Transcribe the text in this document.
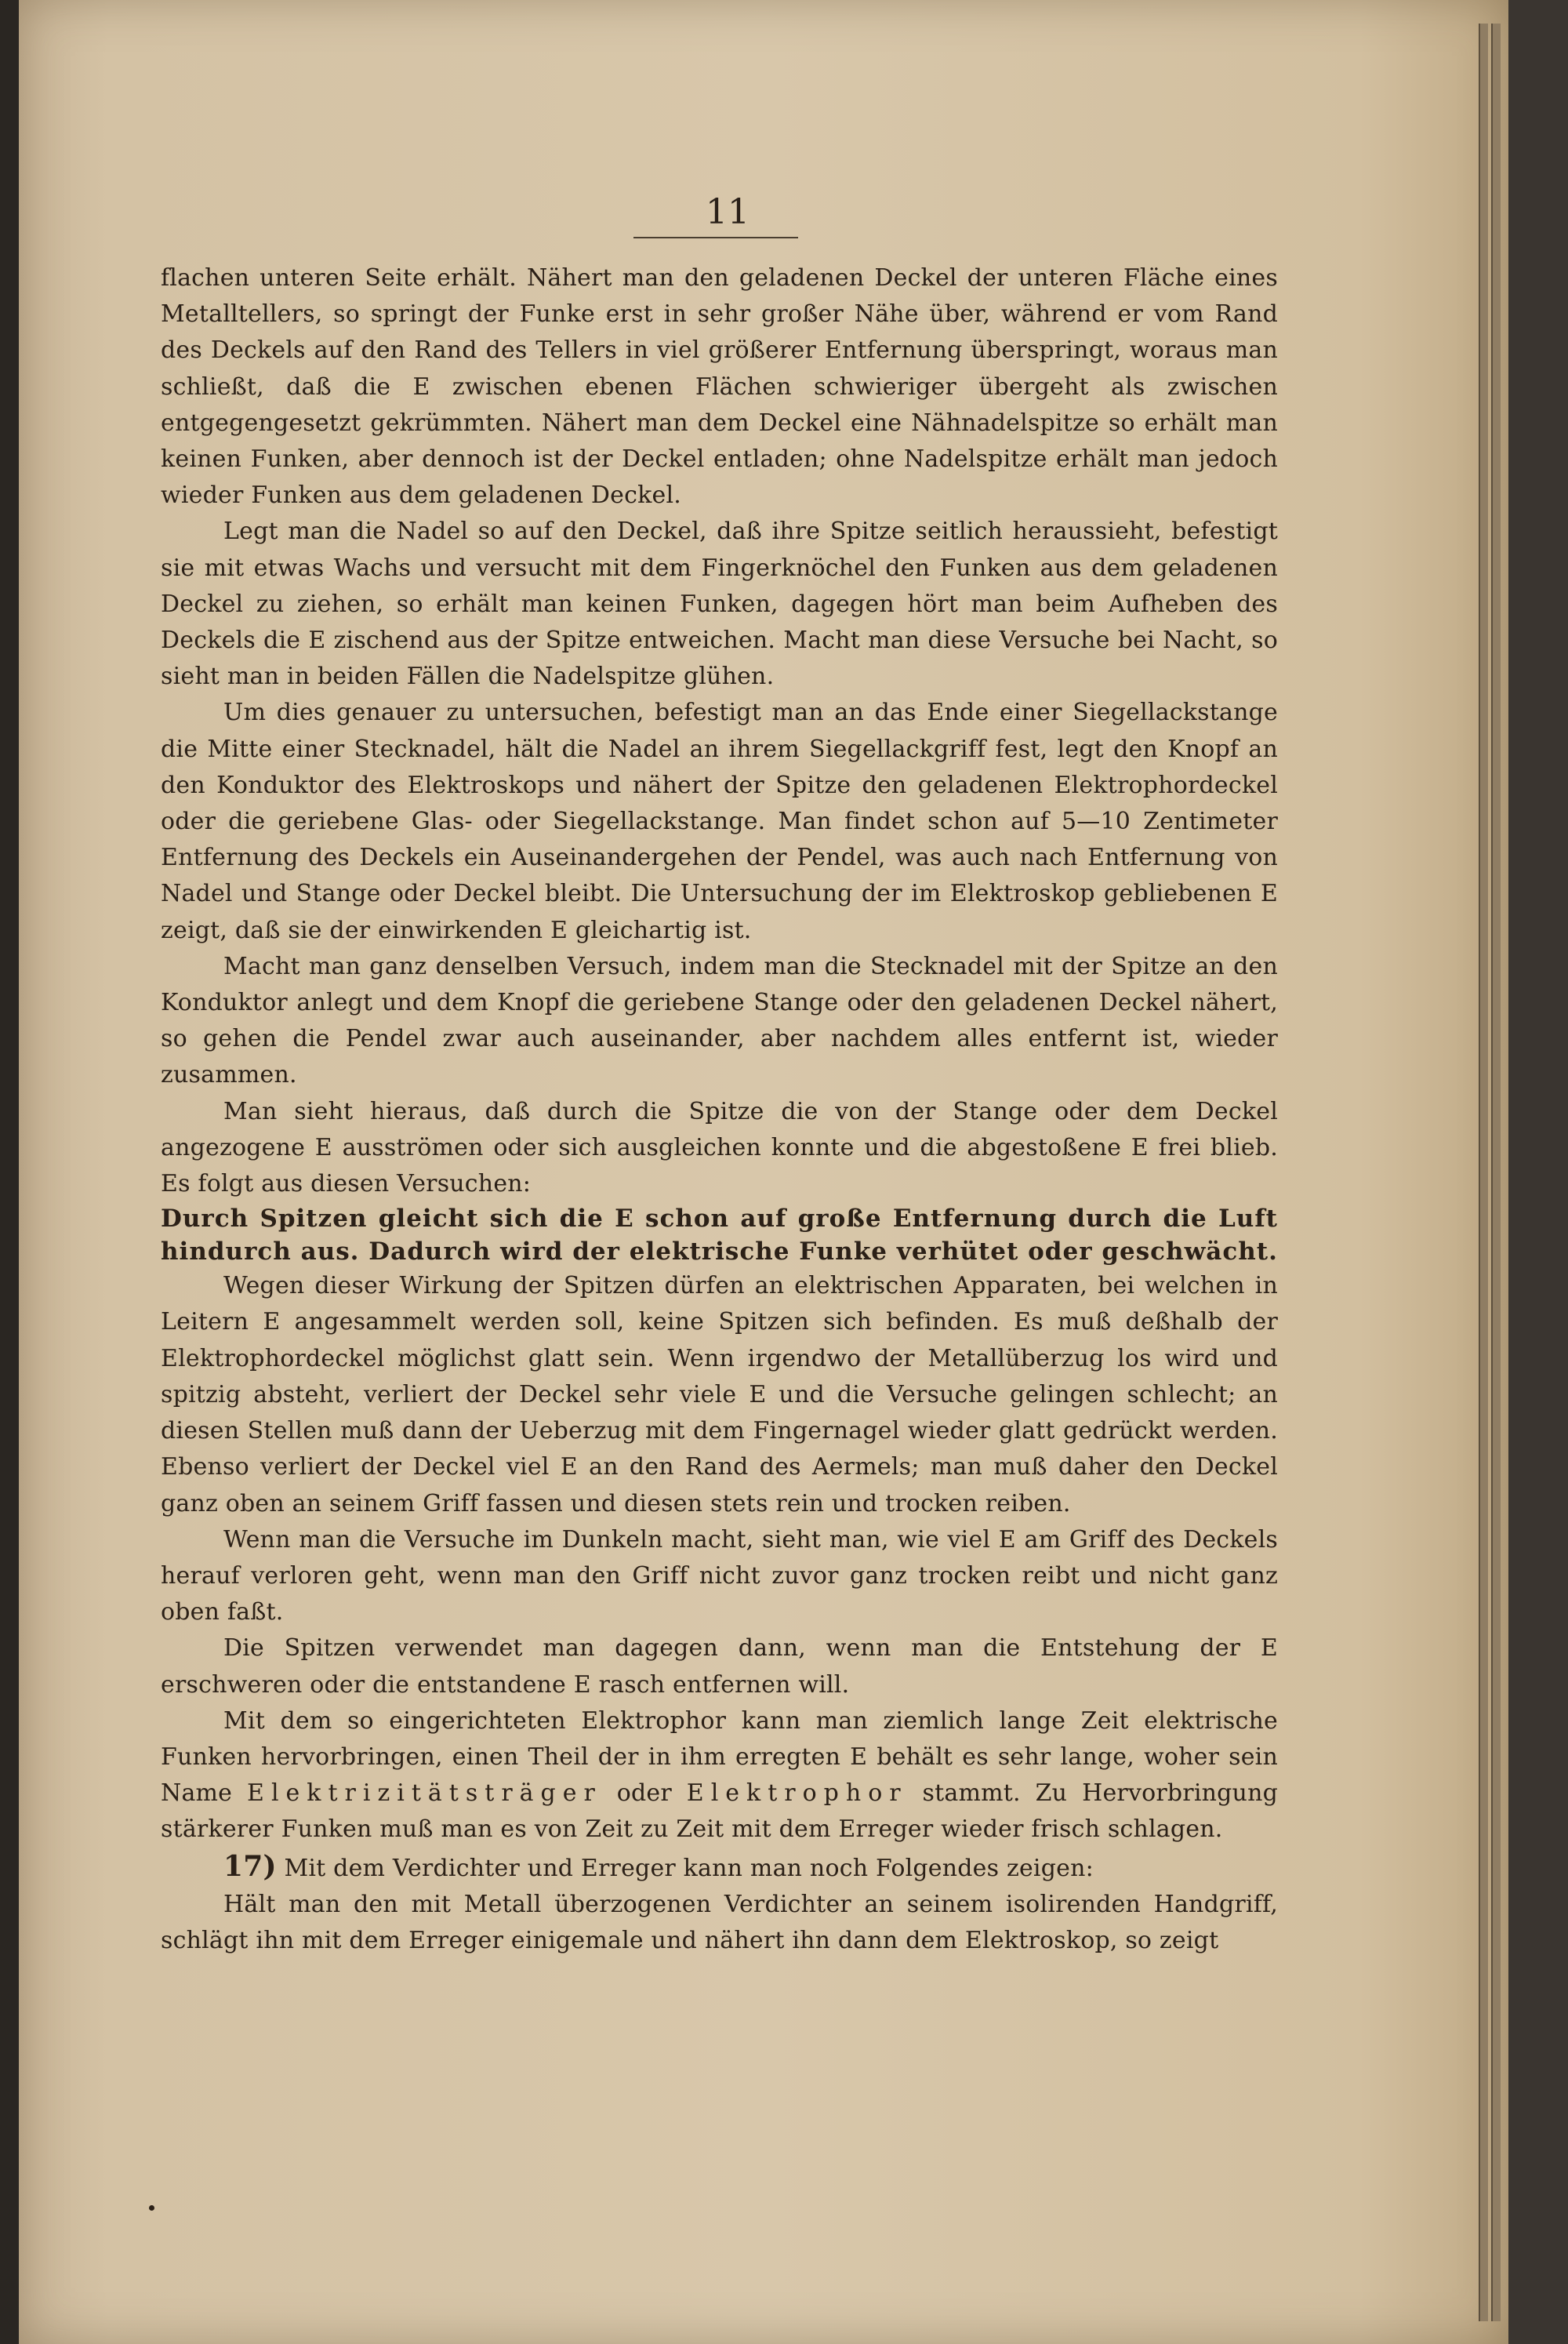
11

flachen unteren Seite erhält. Nähert man den geladenen Deckel der unteren Fläche eines Metalltellers, so springt der Funke erst in sehr großer Nähe über, während er vom Rand des Deckels auf den Rand des Tellers in viel größerer Entfernung überspringt, woraus man schließt, daß die E zwischen ebenen Flächen schwieriger übergeht als zwischen entgegengesetzt gekrümmten. Nähert man dem Deckel eine Nähnadelspitze so erhält man keinen Funken, aber dennoch ist der Deckel entladen; ohne Nadelspitze erhält man jedoch wieder Funken aus dem geladenen Deckel.

Legt man die Nadel so auf den Deckel, daß ihre Spitze seitlich heraussieht, befestigt sie mit etwas Wachs und versucht mit dem Fingerknöchel den Funken aus dem geladenen Deckel zu ziehen, so erhält man keinen Funken, dagegen hört man beim Aufheben des Deckels die E zischend aus der Spitze entweichen. Macht man diese Versuche bei Nacht, so sieht man in beiden Fällen die Nadelspitze glühen.

Um dies genauer zu untersuchen, befestigt man an das Ende einer Siegellackstange die Mitte einer Stecknadel, hält die Nadel an ihrem Siegellackgriff fest, legt den Knopf an den Konduktor des Elektroskops und nähert der Spitze den geladenen Elektrophordeckel oder die geriebene Glas- oder Siegellackstange. Man findet schon auf 5—10 Zentimeter Entfernung des Deckels ein Auseinandergehen der Pendel, was auch nach Entfernung von Nadel und Stange oder Deckel bleibt. Die Untersuchung der im Elektroskop gebliebenen E zeigt, daß sie der einwirkenden E gleichartig ist.

Macht man ganz denselben Versuch, indem man die Stecknadel mit der Spitze an den Konduktor anlegt und dem Knopf die geriebene Stange oder den geladenen Deckel nähert, so gehen die Pendel zwar auch auseinander, aber nachdem alles entfernt ist, wieder zusammen.

Man sieht hieraus, daß durch die Spitze die von der Stange oder dem Deckel angezogene E ausströmen oder sich ausgleichen konnte und die abgestoßene E frei blieb. Es folgt aus diesen Versuchen:

Durch Spitzen gleicht sich die E schon auf große Entfernung durch die Luft hindurch aus. Dadurch wird der elektrische Funke verhütet oder geschwächt.

Wegen dieser Wirkung der Spitzen dürfen an elektrischen Apparaten, bei welchen in Leitern E angesammelt werden soll, keine Spitzen sich befinden. Es muß deßhalb der Elektrophordeckel möglichst glatt sein. Wenn irgendwo der Metallüberzug los wird und spitzig absteht, verliert der Deckel sehr viele E und die Versuche gelingen schlecht; an diesen Stellen muß dann der Ueberzug mit dem Fingernagel wieder glatt gedrückt werden. Ebenso verliert der Deckel viel E an den Rand des Aermels; man muß daher den Deckel ganz oben an seinem Griff fassen und diesen stets rein und trocken reiben.

Wenn man die Versuche im Dunkeln macht, sieht man, wie viel E am Griff des Deckels herauf verloren geht, wenn man den Griff nicht zuvor ganz trocken reibt und nicht ganz oben faßt.

Die Spitzen verwendet man dagegen dann, wenn man die Entstehung der E erschweren oder die entstandene E rasch entfernen will.

Mit dem so eingerichteten Elektrophor kann man ziemlich lange Zeit elektrische Funken hervorbringen, einen Theil der in ihm erregten E behält es sehr lange, woher sein Name Elektrizitätsträger oder Elektrophor stammt. Zu Hervorbringung stärkerer Funken muß man es von Zeit zu Zeit mit dem Erreger wieder frisch schlagen.

17) Mit dem Verdichter und Erreger kann man noch Folgendes zeigen:

Hält man den mit Metall überzogenen Verdichter an seinem isolirenden Handgriff, schlägt ihn mit dem Erreger einigemale und nähert ihn dann dem Elektroskop, so zeigt
